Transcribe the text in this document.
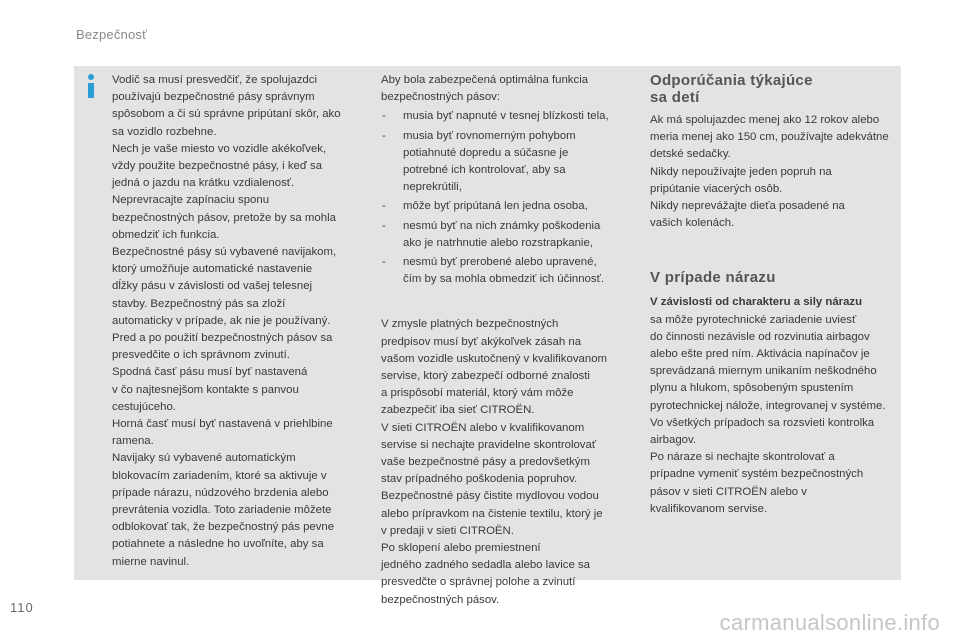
Bezpečnosť

Vodič sa musí presvedčiť, že spolujazdci
používajú bezpečnostné pásy správnym
spôsobom a či sú správne pripútaní skôr, ako
sa vozidlo rozbehne.
Nech je vaše miesto vo vozidle akékoľvek,
vždy použite bezpečnostné pásy, i keď sa
jedná o jazdu na krátku vzdialenosť.
Neprevracajte zapínaciu sponu
bezpečnostných pásov, pretože by sa mohla
obmedziť ich funkcia.
Bezpečnostné pásy sú vybavené navijakom,
ktorý umožňuje automatické nastavenie
dĺžky pásu v závislosti od vašej telesnej
stavby. Bezpečnostný pás sa zloží
automaticky v prípade, ak nie je používaný.
Pred a po použití bezpečnostných pásov sa
presvedčite o ich správnom zvinutí.
Spodná časť pásu musí byť nastavená
v čo najtesnejšom kontakte s panvou
cestujúceho.
Horná časť musí byť nastavená v priehlbine
ramena.
Navijaky sú vybavené automatickým
blokovacím zariadením, ktoré sa aktivuje v
prípade nárazu, núdzového brzdenia alebo
prevrátenia vozidla. Toto zariadenie môžete
odblokovať tak, že bezpečnostný pás pevne
potiahnete a následne ho uvoľníte, aby sa
mierne navinul.

Aby bola zabezpečená optimálna funkcia
bezpečnostných pásov:

- musia byť napnuté v tesnej blízkosti tela,
- musia byť rovnomerným pohybom
potiahnuté dopredu a súčasne je
potrebné ich kontrolovať, aby sa
neprekrútili,
- môže byť pripútaná len jedna osoba,
- nesmú byť na nich známky poškodenia
ako je natrhnutie alebo rozstrapkanie,
- nesmú byť prerobené alebo upravené,
čím by sa mohla obmedziť ich účinnosť.

V zmysle platných bezpečnostných
predpisov musí byť akýkoľvek zásah na
vašom vozidle uskutočnený v kvalifikovanom
servise, ktorý zabezpečí odborné znalosti
a prispôsobí materiál, ktorý vám môže
zabezpečiť iba sieť CITROËN.
V sieti CITROËN alebo v kvalifikovanom
servise si nechajte pravidelne skontrolovať
vaše bezpečnostné pásy a predovšetkým
stav prípadného poškodenia popruhov.
Bezpečnostné pásy čistite mydlovou vodou
alebo prípravkom na čistenie textilu, ktorý je
v predaji v sieti CITROËN.
Po sklopení alebo premiestnení
jedného zadného sedadla alebo lavice sa
presvedčte o správnej polohe a zvinutí
bezpečnostných pásov.

Odporúčania týkajúce
sa detí

Ak má spolujazdec menej ako 12 rokov alebo
meria menej ako 150 cm, používajte adekvátne
detské sedačky.
Nikdy nepoužívajte jeden popruh na
pripútanie viacerých osôb.
Nikdy neprevážajte dieťa posadené na
vašich kolenách.

V prípade nárazu

V závislosti od charakteru a sily nárazu

sa môže pyrotechnické zariadenie uviesť
do činnosti nezávisle od rozvinutia airbagov
alebo ešte pred ním. Aktivácia napínačov je
sprevádzaná miernym unikaním neškodného
plynu a hlukom, spôsobeným spustením
pyrotechnickej nálože, integrovanej v systéme.
Vo všetkých prípadoch sa rozsvieti kontrolka
airbagov.
Po náraze si nechajte skontrolovať a
prípadne vymeniť systém bezpečnostných
pásov v sieti CITROËN alebo v
kvalifikovanom servise.

110
carmanualsonline.info
